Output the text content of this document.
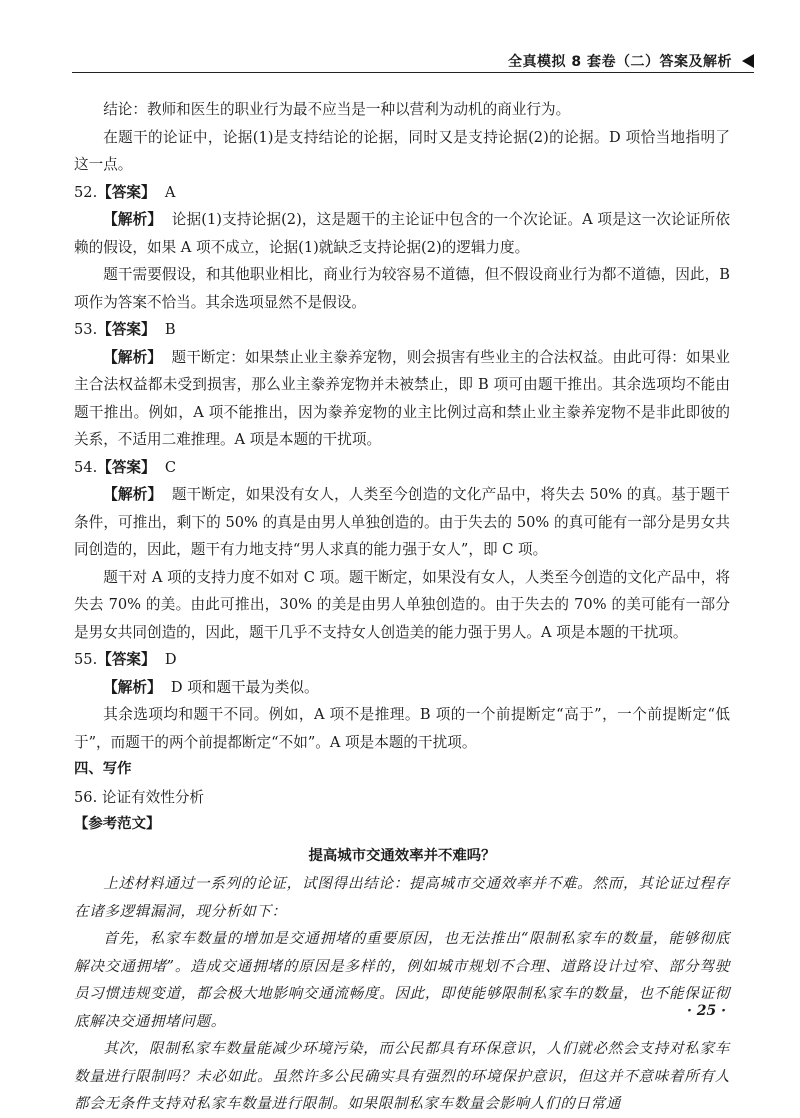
全真模拟 8 套卷（二）答案及解析

结论：教师和医生的职业行为最不应当是一种以营利为动机的商业行为。

在题干的论证中，论据(1)是支持结论的论据，同时又是支持论据(2)的论据。D 项恰当地指明了这一点。

52.【答案】 A

【解析】 论据(1)支持论据(2)，这是题干的主论证中包含的一个次论证。A 项是这一次论证所依赖的假设，如果 A 项不成立，论据(1)就缺乏支持论据(2)的逻辑力度。

题干需要假设，和其他职业相比，商业行为较容易不道德，但不假设商业行为都不道德，因此，B 项作为答案不恰当。其余选项显然不是假设。

53.【答案】 B

【解析】 题干断定：如果禁止业主豢养宠物，则会损害有些业主的合法权益。由此可得：如果业主合法权益都未受到损害，那么业主豢养宠物并未被禁止，即 B 项可由题干推出。其余选项均不能由题干推出。例如，A 项不能推出，因为豢养宠物的业主比例过高和禁止业主豢养宠物不是非此即彼的关系，不适用二难推理。A 项是本题的干扰项。

54.【答案】 C

【解析】 题干断定，如果没有女人，人类至今创造的文化产品中，将失去 50% 的真。基于题干条件，可推出，剩下的 50% 的真是由男人单独创造的。由于失去的 50% 的真可能有一部分是男女共同创造的，因此，题干有力地支持“男人求真的能力强于女人”，即 C 项。

题干对 A 项的支持力度不如对 C 项。题干断定，如果没有女人，人类至今创造的文化产品中，将失去 70% 的美。由此可推出，30% 的美是由男人单独创造的。由于失去的 70% 的美可能有一部分是男女共同创造的，因此，题干几乎不支持女人创造美的能力强于男人。A 项是本题的干扰项。

55.【答案】 D

【解析】 D 项和题干最为类似。

其余选项均和题干不同。例如，A 项不是推理。B 项的一个前提断定“高于”，一个前提断定“低于”，而题干的两个前提都断定“不如”。A 项是本题的干扰项。

四、写作

56. 论证有效性分析

【参考范文】

提高城市交通效率并不难吗？

上述材料通过一系列的论证，试图得出结论：提高城市交通效率并不难。然而，其论证过程存在诸多逻辑漏洞，现分析如下：

首先，私家车数量的增加是交通拥堵的重要原因，也无法推出“限制私家车的数量，能够彻底解决交通拥堵”。造成交通拥堵的原因是多样的，例如城市规划不合理、道路设计过窄、部分驾驶员习惯违规变道，都会极大地影响交通流畅度。因此，即使能够限制私家车的数量，也不能保证彻底解决交通拥堵问题。

其次，限制私家车数量能减少环境污染，而公民都具有环保意识，人们就必然会支持对私家车数量进行限制吗？未必如此。虽然许多公民确实具有强烈的环境保护意识，但这并不意味着所有人都会无条件支持对私家车数量进行限制。如果限制私家车数量会影响人们的日常通

· 25 ·
